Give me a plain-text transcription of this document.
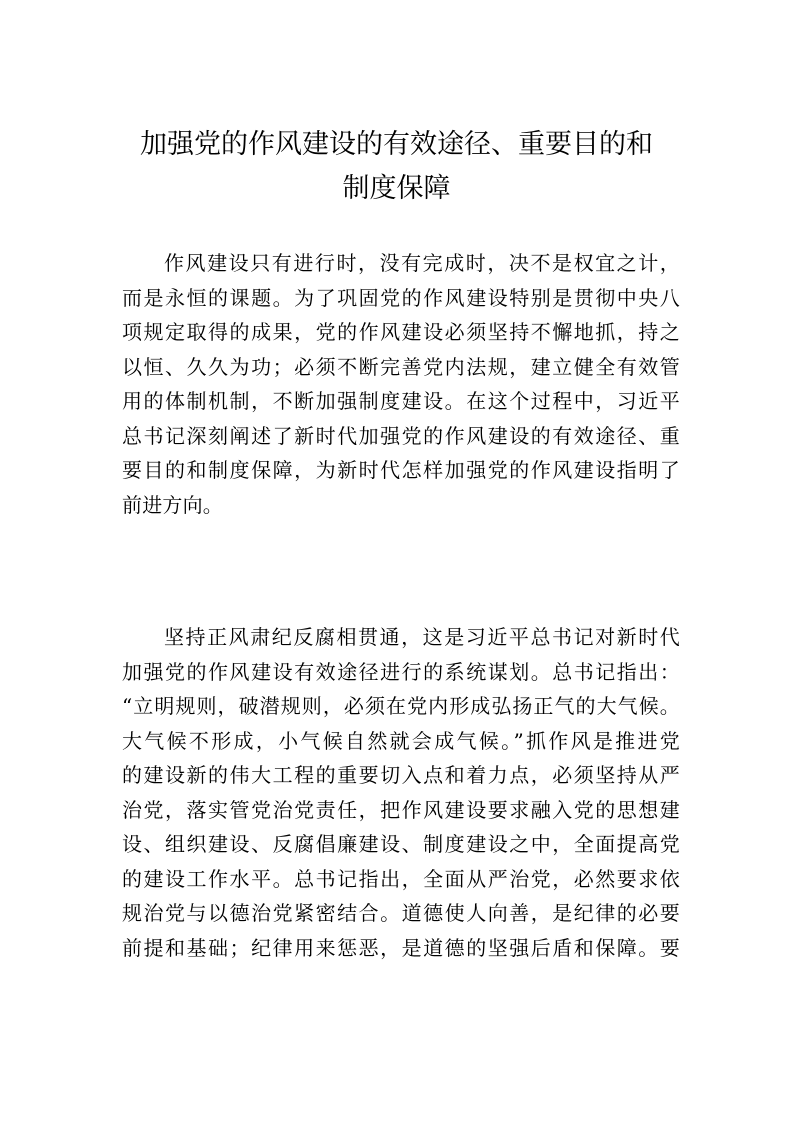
加强党的作风建设的有效途径、重要目的和
制度保障
作风建设只有进行时，没有完成时，决不是权宜之计，
而是永恒的课题。为了巩固党的作风建设特别是贯彻中央八
项规定取得的成果，党的作风建设必须坚持不懈地抓，持之
以恒、久久为功；必须不断完善党内法规，建立健全有效管
用的体制机制，不断加强制度建设。在这个过程中，习近平
总书记深刻阐述了新时代加强党的作风建设的有效途径、重
要目的和制度保障，为新时代怎样加强党的作风建设指明了
前进方向。
坚持正风肃纪反腐相贯通，这是习近平总书记对新时代
加强党的作风建设有效途径进行的系统谋划。总书记指出：
“立明规则，破潜规则，必须在党内形成弘扬正气的大气候。
大气候不形成，小气候自然就会成气候。”抓作风是推进党
的建设新的伟大工程的重要切入点和着力点，必须坚持从严
治党，落实管党治党责任，把作风建设要求融入党的思想建
设、组织建设、反腐倡廉建设、制度建设之中，全面提高党
的建设工作水平。总书记指出，全面从严治党，必然要求依
规治党与以德治党紧密结合。道德使人向善，是纪律的必要
前提和基础；纪律用来惩恶，是道德的坚强后盾和保障。要
